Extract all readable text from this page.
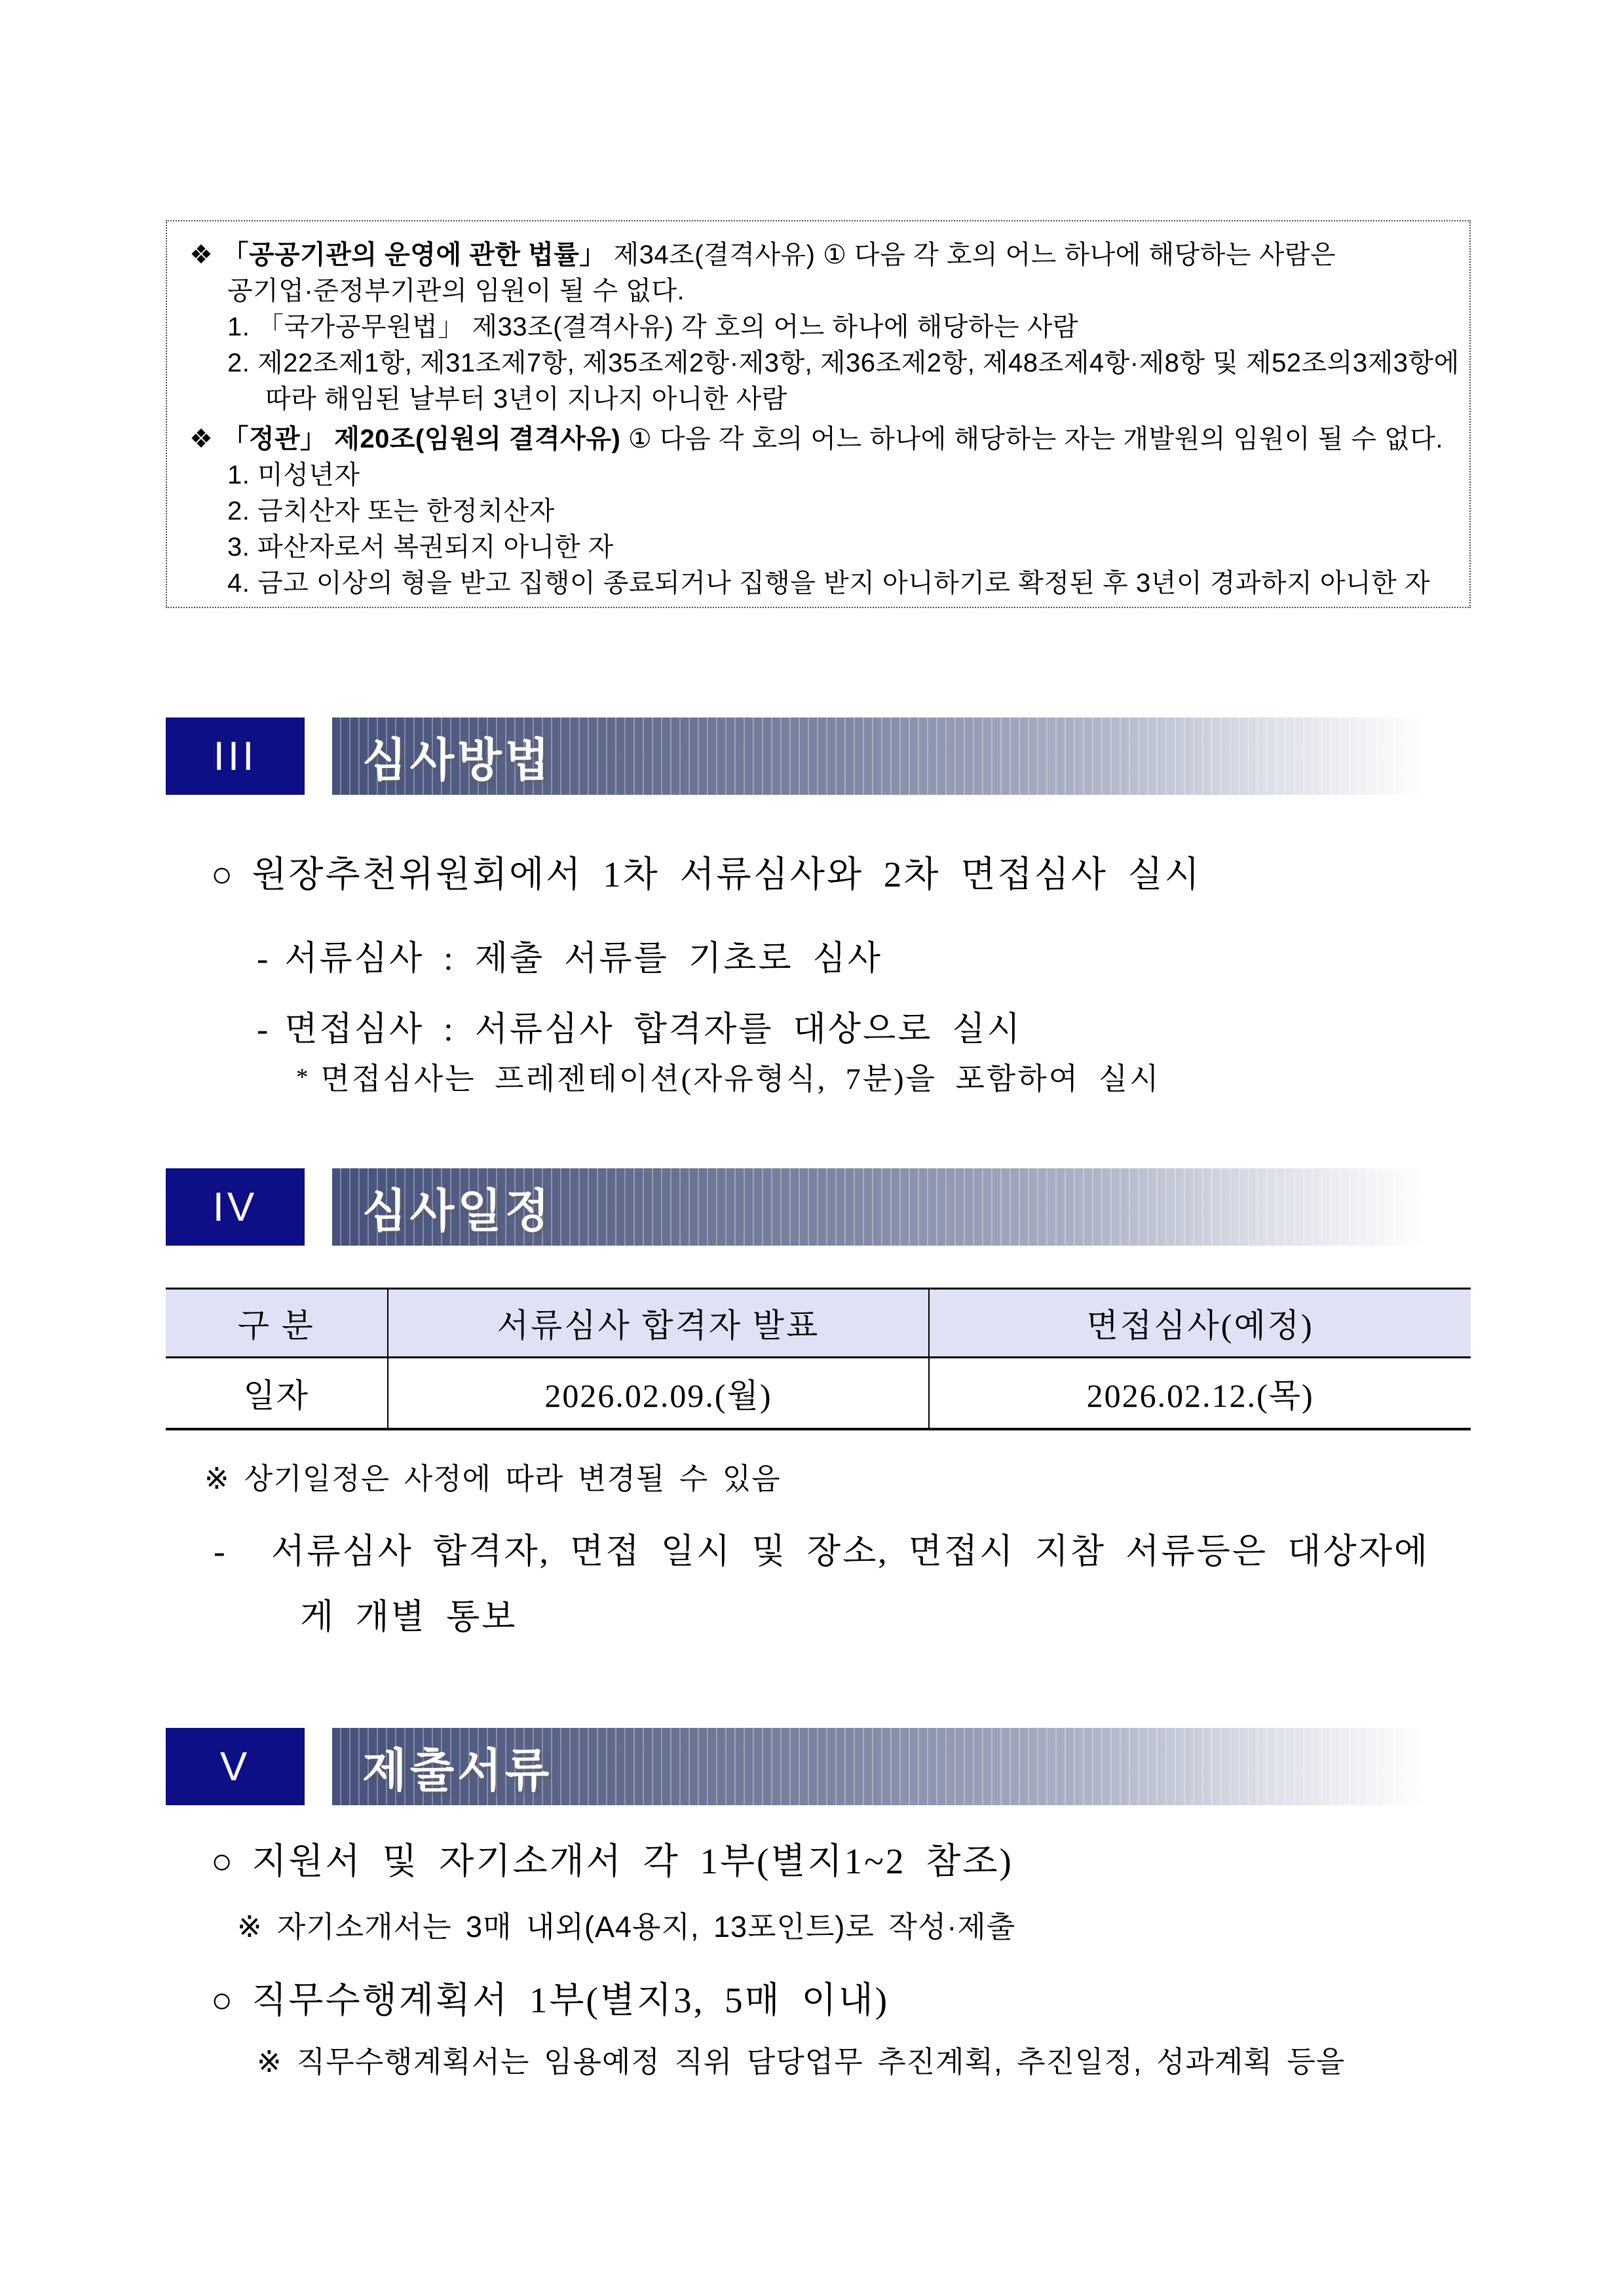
❖ 「공공기관의 운영에 관한 법률」 제34조(결격사유) ① 다음 각 호의 어느 하나에 해당하는 사람은
공기업·준정부기관의 임원이 될 수 없다.
1. 「국가공무원법」 제33조(결격사유) 각 호의 어느 하나에 해당하는 사람
2. 제22조제1항, 제31조제7항, 제35조제2항·제3항, 제36조제2항, 제48조제4항·제8항 및 제52조의3제3항에
따라 해임된 날부터 3년이 지나지 아니한 사람
❖ 「정관」 제20조(임원의 결격사유) ① 다음 각 호의 어느 하나에 해당하는 자는 개발원의 임원이 될 수 없다.
1. 미성년자
2. 금치산자 또는 한정치산자
3. 파산자로서 복권되지 아니한 자
4. 금고 이상의 형을 받고 집행이 종료되거나 집행을 받지 아니하기로 확정된 후 3년이 경과하지 아니한 자
III	심사방법
○ 원장추천위원회에서 1차 서류심사와 2차 면접심사 실시
- 서류심사 : 제출 서류를 기초로 심사
- 면접심사 : 서류심사 합격자를 대상으로 실시
* 면접심사는 프레젠테이션(자유형식, 7분)을 포함하여 실시
IV	심사일정
구 분	서류심사 합격자 발표	면접심사(예정)
일자	2026.02.09.(월)	2026.02.12.(목)
※ 상기일정은 사정에 따라 변경될 수 있음
- 서류심사 합격자, 면접 일시 및 장소, 면접시 지참 서류등은 대상자에게 개별 통보
V	제출서류
○ 지원서 및 자기소개서 각 1부(별지1~2 참조)
※ 자기소개서는 3매 내외(A4용지, 13포인트)로 작성·제출
○ 직무수행계획서 1부(별지3, 5매 이내)
※ 직무수행계획서는 임용예정 직위 담당업무 추진계획, 추진일정, 성과계획 등을
